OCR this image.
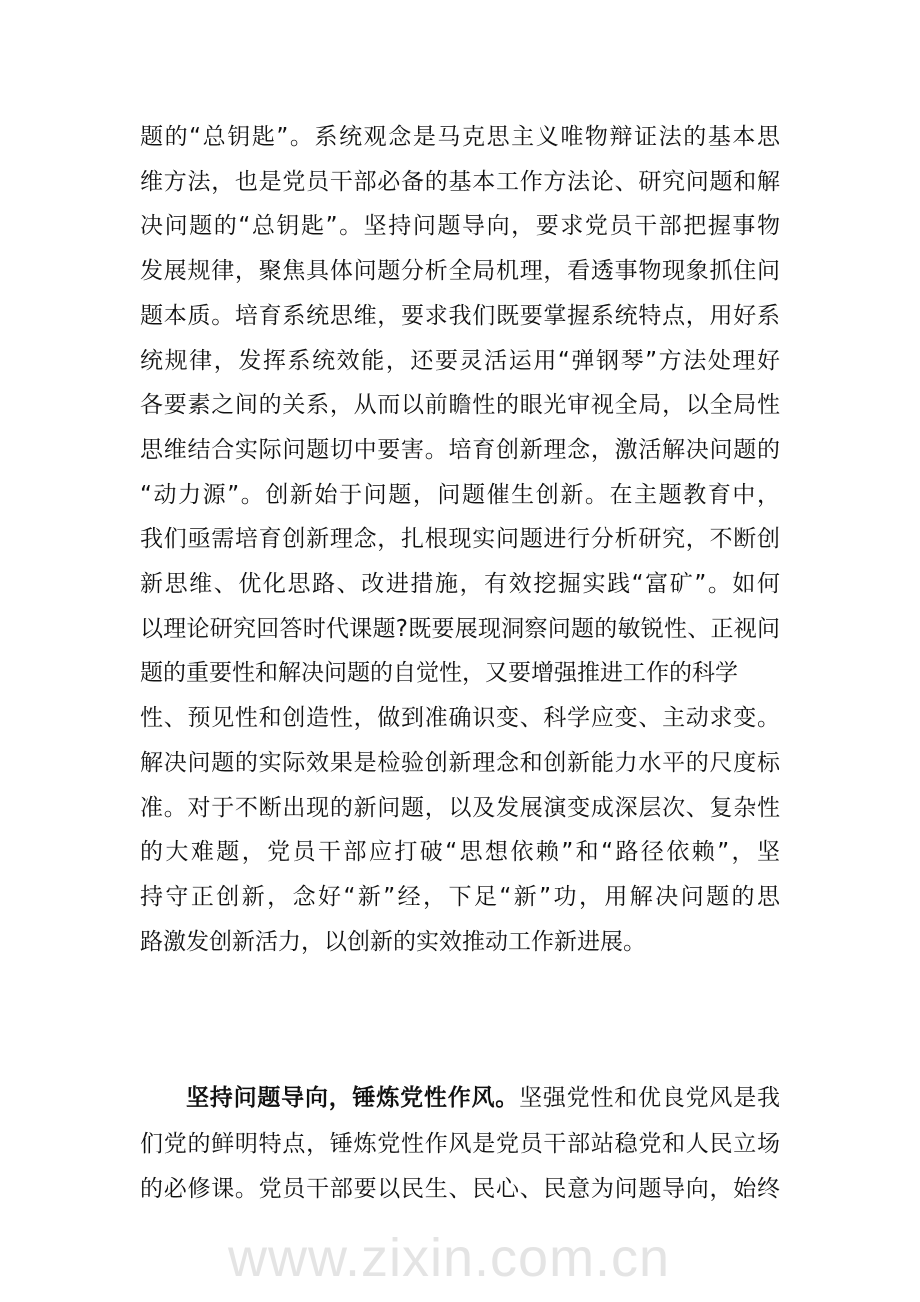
www.zixin.com.cn
题的“总钥匙”。系统观念是马克思主义唯物辩证法的基本思
维方法，也是党员干部必备的基本工作方法论、研究问题和解
决问题的“总钥匙”。坚持问题导向，要求党员干部把握事物
发展规律，聚焦具体问题分析全局机理，看透事物现象抓住问
题本质。培育系统思维，要求我们既要掌握系统特点，用好系
统规律，发挥系统效能，还要灵活运用“弹钢琴”方法处理好
各要素之间的关系，从而以前瞻性的眼光审视全局，以全局性
思维结合实际问题切中要害。培育创新理念，激活解决问题的
“动力源”。创新始于问题，问题催生创新。在主题教育中，
我们亟需培育创新理念，扎根现实问题进行分析研究，不断创
新思维、优化思路、改进措施，有效挖掘实践“富矿”。如何
以理论研究回答时代课题?既要展现洞察问题的敏锐性、正视问
题的重要性和解决问题的自觉性，又要增强推进工作的科学
性、预见性和创造性，做到准确识变、科学应变、主动求变。
解决问题的实际效果是检验创新理念和创新能力水平的尺度标
准。对于不断出现的新问题，以及发展演变成深层次、复杂性
的大难题，党员干部应打破“思想依赖”和“路径依赖”，坚
持守正创新，念好“新”经，下足“新”功，用解决问题的思
路激发创新活力，以创新的实效推动工作新进展。
坚持问题导向，锤炼党性作风。坚强党性和优良党风是我
们党的鲜明特点，锤炼党性作风是党员干部站稳党和人民立场
的必修课。党员干部要以民生、民心、民意为问题导向，始终
